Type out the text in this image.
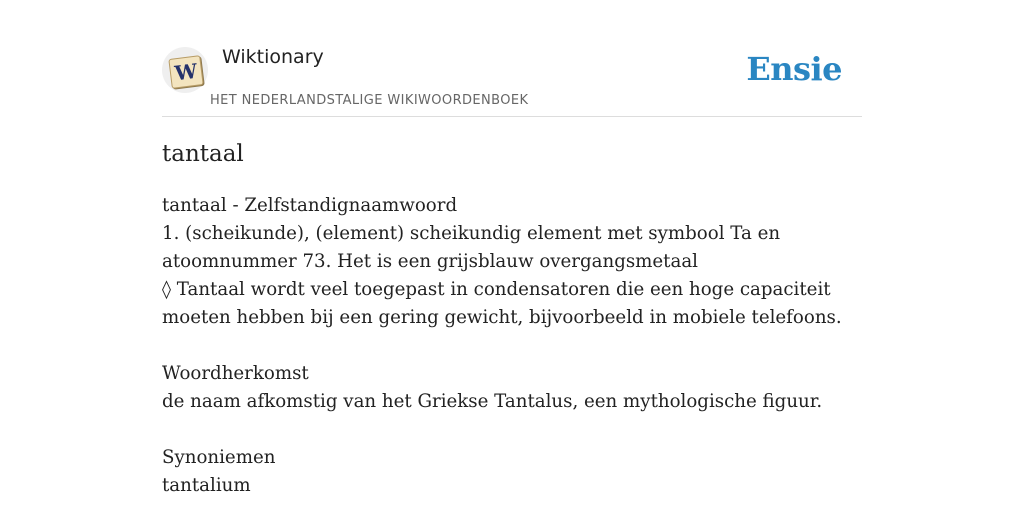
W
Wiktionary
HET NEDERLANDSTALIGE WIKIWOORDENBOEK
Ensie
tantaal
tantaal - Zelfstandignaamwoord
1. (scheikunde), (element) scheikundig element met symbool Ta en
atoomnummer 73. Het is een grijsblauw overgangsmetaal
◊ Tantaal wordt veel toegepast in condensatoren die een hoge capaciteit
moeten hebben bij een gering gewicht, bijvoorbeeld in mobiele telefoons.
Woordherkomst
de naam afkomstig van het Griekse Tantalus, een mythologische figuur.
Synoniemen
tantalium
